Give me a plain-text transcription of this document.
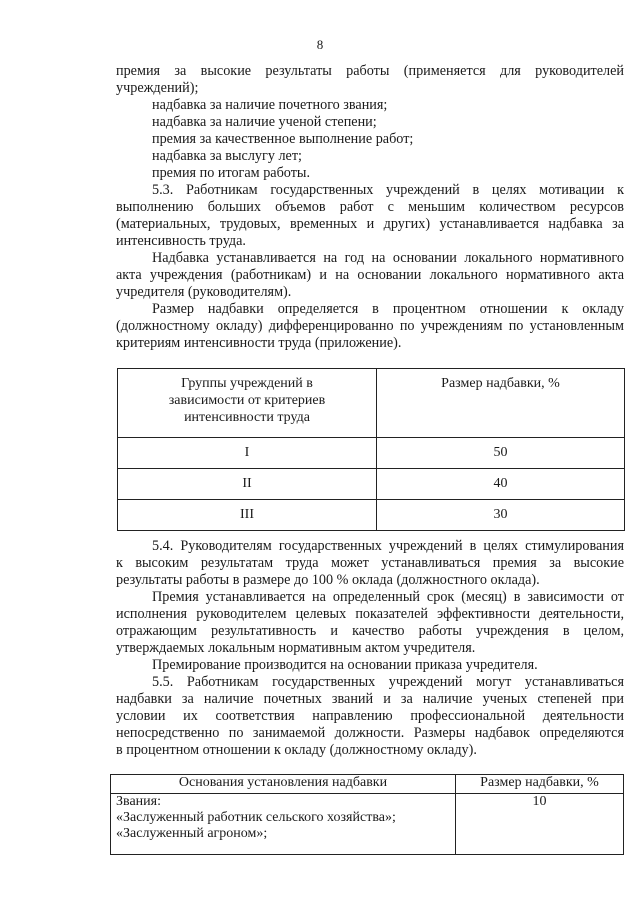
8
премия за высокие результаты работы (применяется для руководителей
учреждений);
надбавка за наличие почетного звания;
надбавка за наличие ученой степени;
премия за качественное выполнение работ;
надбавка за выслугу лет;
премия по итогам работы.
5.3. Работникам государственных учреждений в целях мотивации к
выполнению больших объемов работ с меньшим количеством ресурсов
(материальных, трудовых, временных и других) устанавливается надбавка за
интенсивность труда.
Надбавка устанавливается на год на основании локального нормативного
акта учреждения (работникам) и на основании локального нормативного акта
учредителя (руководителям).
Размер надбавки определяется в процентном отношении к окладу
(должностному окладу) дифференцированно по учреждениям по установленным
критериям интенсивности труда (приложение).
Группы учреждений в
зависимости от критериев
интенсивности труда	Размер надбавки, %
I	50
II	40
III	30
5.4. Руководителям государственных учреждений в целях стимулирования
к высоким результатам труда может устанавливаться премия за высокие
результаты работы в размере до 100 % оклада (должностного оклада).
Премия устанавливается на определенный срок (месяц) в зависимости от
исполнения руководителем целевых показателей эффективности деятельности,
отражающим результативность и качество работы учреждения в целом,
утверждаемых локальным нормативным актом учредителя.
Премирование производится на основании приказа учредителя.
5.5. Работникам государственных учреждений могут устанавливаться
надбавки за наличие почетных званий и за наличие ученых степеней при
условии их соответствия направлению профессиональной деятельности
непосредственно по занимаемой должности. Размеры надбавок определяются
в процентном отношении к окладу (должностному окладу).
Основания установления надбавки	Размер надбавки, %

Звания:
«Заслуженный работник сельского хозяйства»;
«Заслуженный агроном»;	10
